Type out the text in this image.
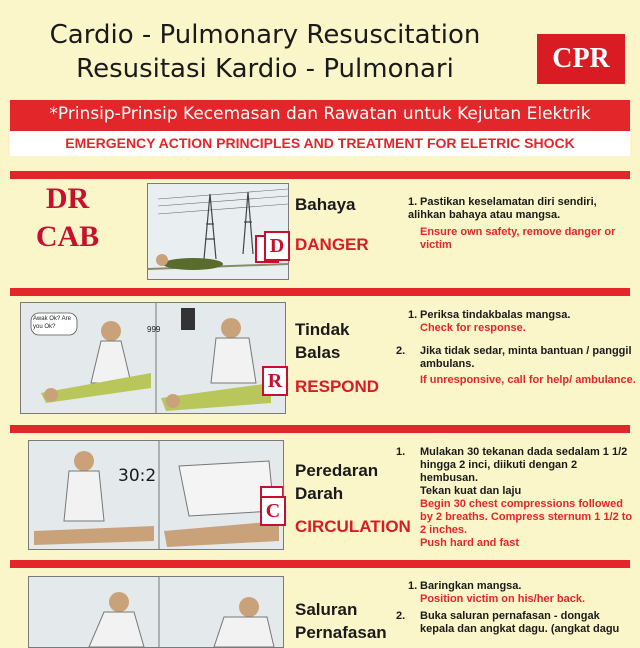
Cardio - Pulmonary Resuscitation
Resusitasi Kardio - Pulmonari	CPR
*Prinsip-Prinsip Kecemasan dan Rawatan untuk Kejutan Elektrik
EMERGENCY ACTION PRINCIPLES AND TREATMENT FOR ELETRIC SHOCK
DR
CAB	D
Bahaya
DANGER
1. Pastikan keselamatan diri sendiri, alihkan bahaya atau mangsa.
Ensure own safety, remove danger or victim
Awak Ok? Are you Ok?	999
R
Tindak
Balas
RESPOND
1. Periksa tindakbalas mangsa.
Check for response.
2. Jika tidak sedar, minta bantuan / panggil ambulans.
If unresponsive, call for help/ ambulance.
30:2
C
Peredaran
Darah
CIRCULATION
1. Mulakan 30 tekanan dada sedalam 1 1/2 hingga 2 inci, diikuti dengan 2 hembusan.
Tekan kuat dan laju
Begin 30 chest compressions followed by 2 breaths. Compress sternum 1 1/2 to 2 inches.
Push hard and fast
Saluran
Pernafasan
1. Baringkan mangsa.
Position victim on his/her back.
2. Buka saluran pernafasan - dongak kepala dan angkat dagu. (angkat dagu
